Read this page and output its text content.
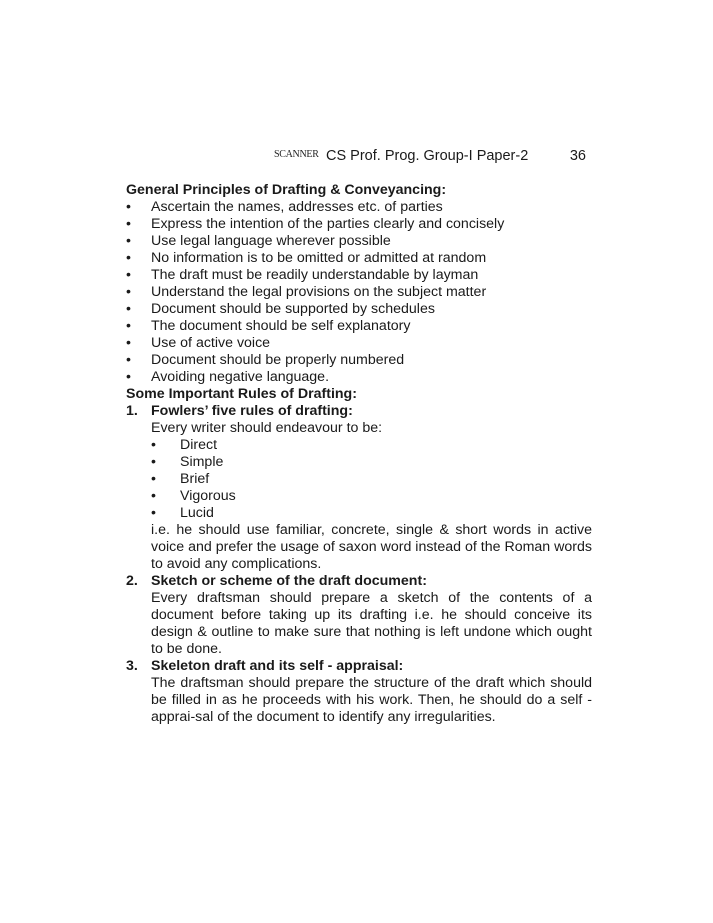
SCANNER CS Prof. Prog. Group-I Paper-2	36
General Principles of Drafting & Conveyancing:
• Ascertain the names, addresses etc. of parties
• Express the intention of the parties clearly and concisely
• Use legal language wherever possible
• No information is to be omitted or admitted at random
• The draft must be readily understandable by layman
• Understand the legal provisions on the subject matter
• Document should be supported by schedules
• The document should be self explanatory
• Use of active voice
• Document should be properly numbered
• Avoiding negative language.
Some Important Rules of Drafting:
1. Fowlers’ five rules of drafting:
Every writer should endeavour to be:
• Direct
• Simple
• Brief
• Vigorous
• Lucid
i.e. he should use familiar, concrete, single & short words in active voice and prefer the usage of saxon word instead of the Roman words to avoid any complications.
2. Sketch or scheme of the draft document:
Every draftsman should prepare a sketch of the contents of a document before taking up its drafting i.e. he should conceive its design & outline to make sure that nothing is left undone which ought to be done.
3. Skeleton draft and its self - appraisal:
The draftsman should prepare the structure of the draft which should be filled in as he proceeds with his work. Then, he should do a self - apprai-sal of the document to identify any irregularities.
